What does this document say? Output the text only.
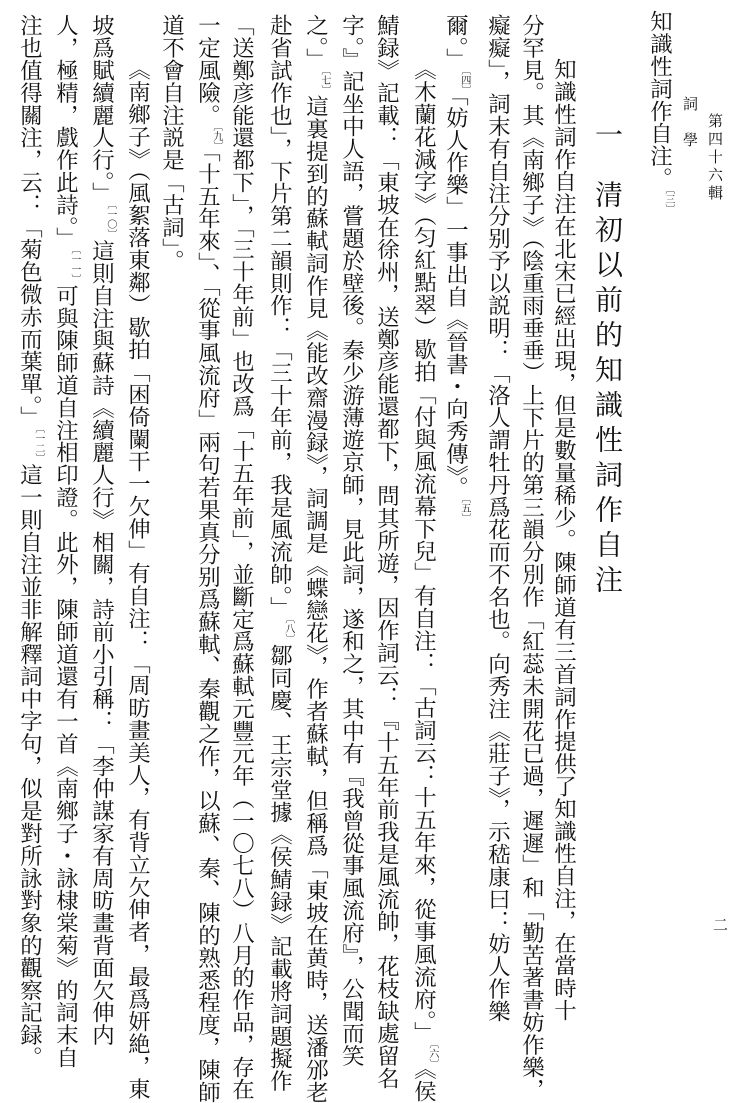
詞　學 第四十六輯
二
知識性詞作自注。$^{〔三〕}$
一
清初以前的知識性詞作自注
知識性詞作自注在北宋已經出現，但是數量稀少。陳師道有三首詞作提供了知識性自注，在當時十
分罕見。其《南鄉子》（陰重雨垂垂）上下片的第三韻分別作「紅蕊未開花已過，遲遲」和「勤苦著書妨作樂，
癡癡」，詞末有自注分别予以説明：「洛人謂牡丹爲花而不名也。向秀注《莊子》，示嵇康曰：妨人作樂
爾。」$^{〔四〕}$「妨人作樂」一事出自《晉書・向秀傳》。$^{〔五〕}$
《木蘭花減字》（匀紅點翠）歇拍「付與風流幕下兒」有自注：「古詞云：十五年來，從事風流府。」$^{〔六〕}$《侯
鯖録》記載：「東坡在徐州，送鄭彦能還都下，問其所遊，因作詞云：『十五年前我是風流帥，花枝缺處留名
字。』記坐中人語，嘗題於壁後。秦少游薄遊京師，見此詞，遂和之，其中有『我曾從事風流府』，公聞而笑
之。」$^{〔七〕}$這裏提到的蘇軾詞作見《能改齋漫録》，詞調是《蝶戀花》，作者蘇軾，但稱爲「東坡在黄時，送潘邠老
赴省試作也」，下片第二韻則作：「三十年前，我是風流帥。」$^{〔八〕}$鄒同慶、王宗堂據《侯鯖録》記載將詞題擬作
「送鄭彦能還都下」，「三十年前」也改爲「十五年前」，並斷定爲蘇軾元豐元年（一〇七八）八月的作品，存在
一定風險。$^{〔九〕}$「十五年來」、「從事風流府」兩句若果真分别爲蘇軾、秦觀之作，以蘇、秦、陳的熟悉程度，陳師
道不會自注説是「古詞」。
《南鄉子》（風絮落東鄰）歇拍「困倚闌干一欠伸」有自注：「周昉畫美人，有背立欠伸者，最爲妍絶，東
坡爲賦續麗人行。」$^{〔一〇〕}$這則自注與蘇詩《續麗人行》相關，詩前小引稱：「李仲謀家有周昉畫背面欠伸内
人，極精，戲作此詩。」$^{〔一一〕}$可與陳師道自注相印證。此外，陳師道還有一首《南鄉子・詠棣棠菊》的詞末自
注也值得關注，云：「菊色微赤而葉單。」$^{〔一二〕}$這一則自注並非解釋詞中字句，似是對所詠對象的觀察記録。
